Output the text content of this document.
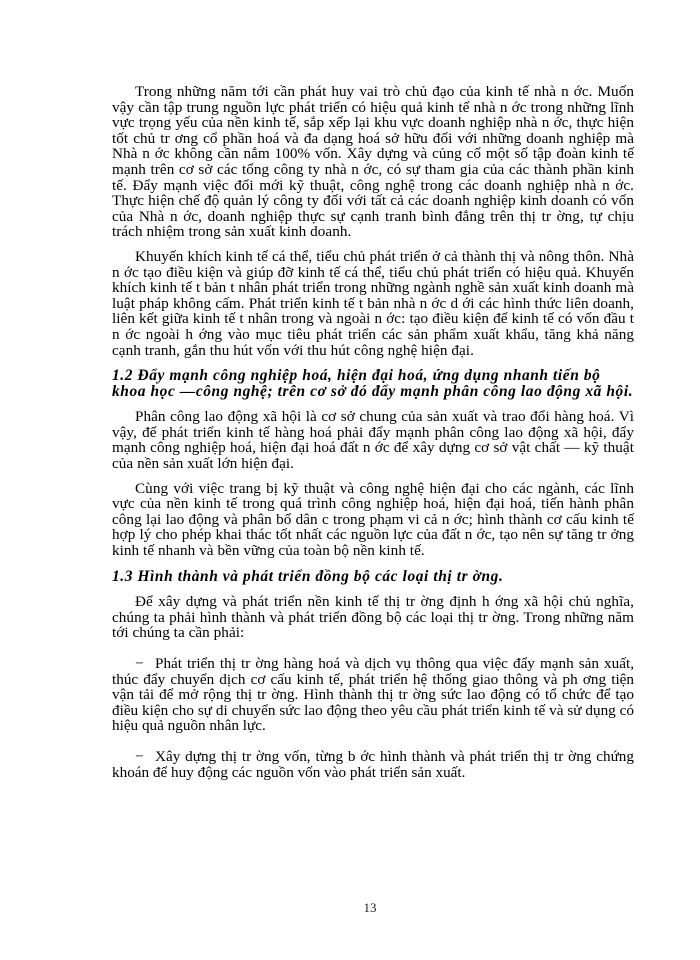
Trong những năm tới cần phát huy vai trò chủ đạo của kinh tế nhà n ớc. Muốn vậy cần tập trung nguồn lực phát triển có hiệu quả kinh tế nhà n ớc trong những lĩnh vực trọng yếu của nền kinh tế, sắp xếp lại khu vực doanh nghiệp nhà n ớc, thực hiện tốt chủ tr ơng cổ phần hoá và đa dạng hoá sở hữu đối với những doanh nghiệp mà Nhà n ớc không cần nắm 100% vốn. Xây dựng và củng cố một số tập đoàn kinh tế mạnh trên cơ sở các tổng công ty nhà n ớc, có sự tham gia của các thành phần kinh tế. Đẩy mạnh việc đổi mới kỹ thuật, công nghệ trong các doanh nghiệp nhà n ớc. Thực hiện chế độ quản lý công ty đối với tất cả các doanh nghiệp kinh doanh có vốn của Nhà n ớc, doanh nghiệp thực sự cạnh tranh bình đẳng trên thị tr ờng, tự chịu trách nhiệm trong sản xuất kinh doanh.

Khuyến khích kinh tế cá thể, tiểu chủ phát triển ở cả thành thị và nông thôn. Nhà n ớc tạo điều kiện và giúp đỡ kinh tế cá thể, tiểu chủ phát triển có hiệu quả. Khuyến khích kinh tế t bản t nhân phát triển trong những ngành nghề sản xuất kinh doanh mà luật pháp không cấm. Phát triển kinh tế t bản nhà n ớc d ới các hình thức liên doanh, liên kết giữa kinh tế t nhân trong và ngoài n ớc: tạo điều kiện để kinh tế có vốn đầu t n ớc ngoài h ớng vào mục tiêu phát triển các sản phẩm xuất khẩu, tăng khả năng cạnh tranh, gắn thu hút vốn với thu hút công nghệ hiện đại.

1.2 Đẩy mạnh công nghiệp hoá, hiện đại hoá, ứng dụng nhanh tiến bộ khoa học —công nghệ; trên cơ sở đó đẩy mạnh phân công lao động xã hội.

Phân công lao động xã hội là cơ sở chung của sản xuất và trao đổi hàng hoá. Vì vậy, để phát triển kinh tế hàng hoá phải đẩy mạnh phân công lao động xã hội, đẩy mạnh công nghiệp hoá, hiện đại hoá đất n ớc để xây dựng cơ sở vật chất — kỹ thuật của nền sản xuất lớn hiện đại.

Cùng với việc trang bị kỹ thuật và công nghệ hiện đại cho các ngành, các lĩnh vực của nền kinh tế trong quá trình công nghiệp hoá, hiện đại hoá, tiến hành phân công lại lao động và phân bổ dân c trong phạm vi cả n ớc; hình thành cơ cấu kinh tế hợp lý cho phép khai thác tốt nhất các nguồn lực của đất n ớc, tạo nên sự tăng tr ởng kinh tế nhanh và bền vững của toàn bộ nền kinh tế.

1.3 Hình thành và phát triển đồng bộ các loại thị tr ờng.

Để xây dựng và phát triển nền kinh tế thị tr ờng định h ớng xã hội chủ nghĩa, chúng ta phải hình thành và phát triển đồng bộ các loại thị tr ờng. Trong những năm tới chúng ta cần phải:

− Phát triển thị tr ờng hàng hoá và dịch vụ thông qua việc đẩy mạnh sản xuất, thúc đẩy chuyển dịch cơ cấu kinh tế, phát triển hệ thống giao thông và ph ơng tiện vận tải để mở rộng thị tr ờng. Hình thành thị tr ờng sức lao động có tổ chức để tạo điều kiện cho sự di chuyển sức lao động theo yêu cầu phát triển kinh tế và sử dụng có hiệu quả nguồn nhân lực.

− Xây dựng thị tr ờng vốn, từng b ớc hình thành và phát triển thị tr ờng chứng khoán để huy động các nguồn vốn vào phát triển sản xuất.

13
